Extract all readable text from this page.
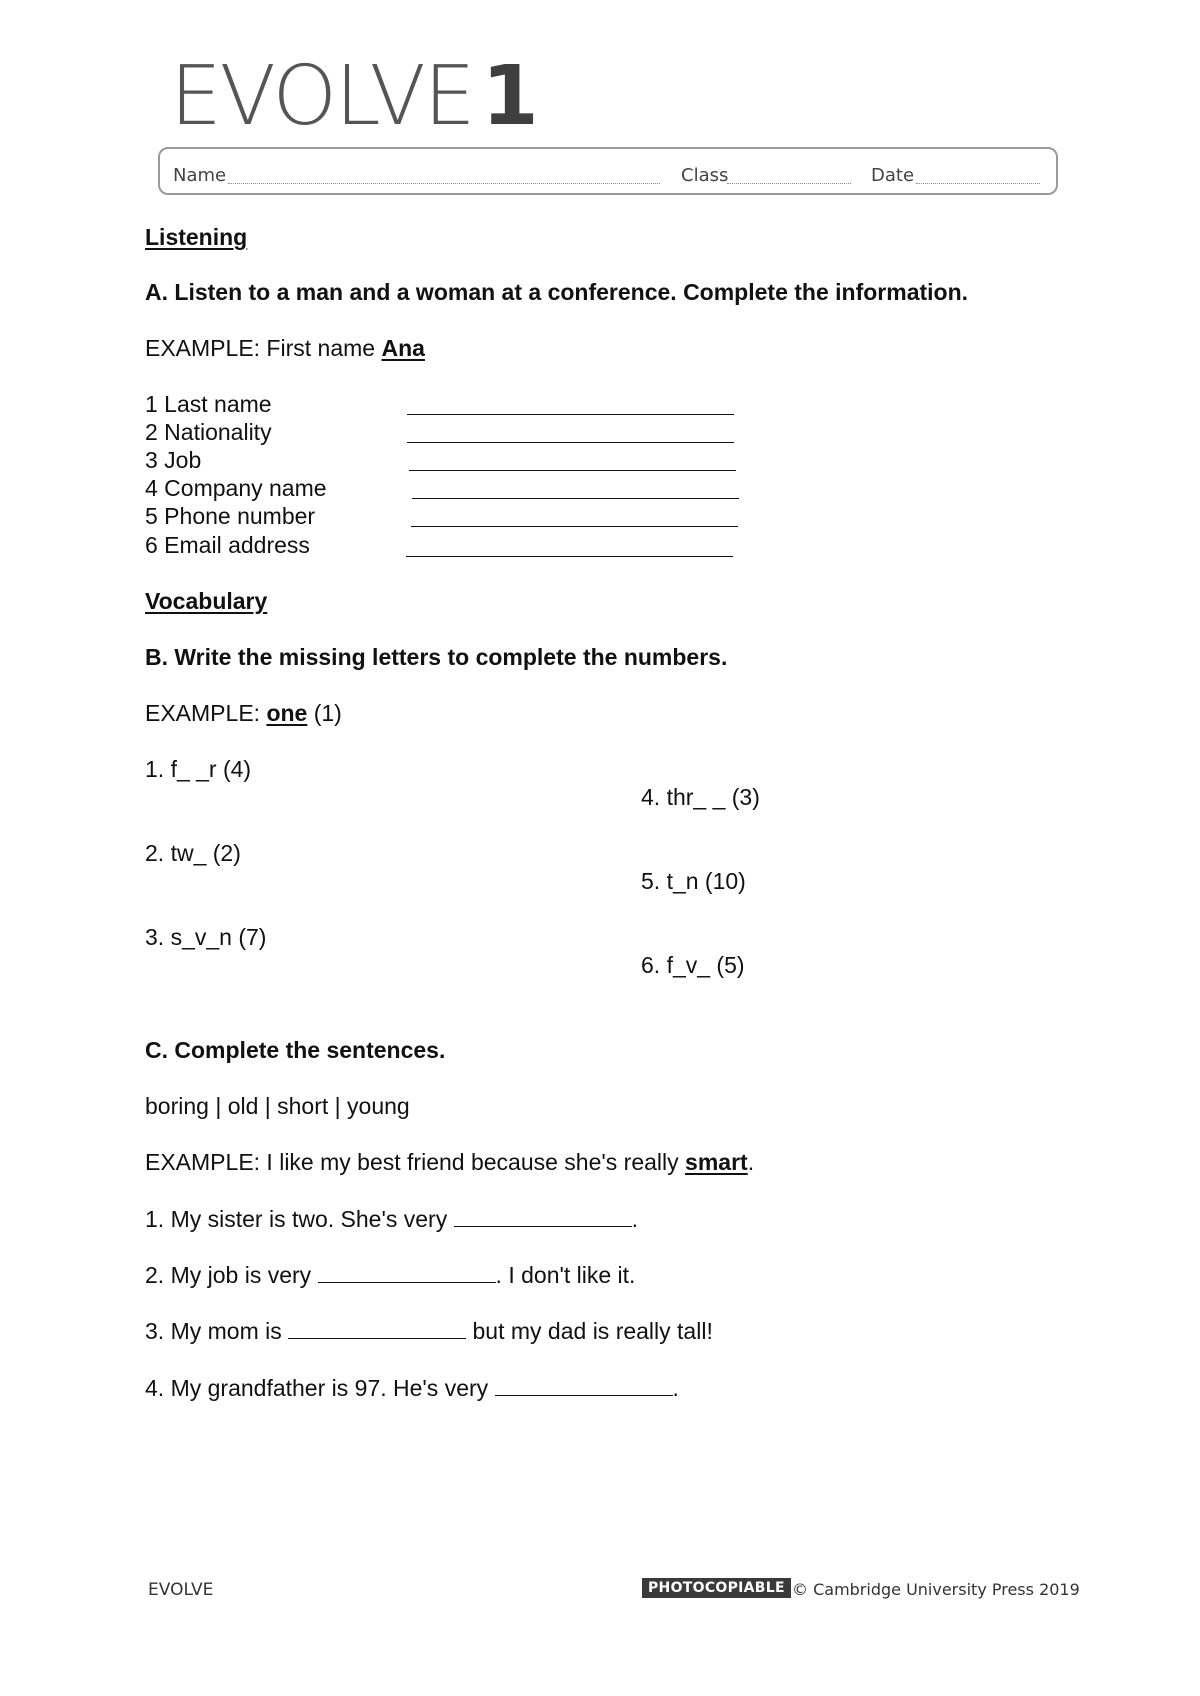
EVOLVE1
Name	Class	Date
Listening
A. Listen to a man and a woman at a conference. Complete the information.
EXAMPLE: First name Ana
1 Last name
2 Nationality
3 Job
4 Company name
5 Phone number
6 Email address
Vocabulary
B. Write the missing letters to complete the numbers.
EXAMPLE: one (1)
1. f_ _r (4)
2. tw_ (2)
3. s_v_n (7)
4. thr_ _ (3)
5. t_n (10)
6. f_v_ (5)
C. Complete the sentences.
boring | old | short | young
EXAMPLE: I like my best friend because she's really smart.
1. My sister is two. She's very	.
2. My job is very	. I don't like it.
3. My mom is	but my dad is really tall!
4. My grandfather is 97. He's very	.
EVOLVE	PHOTOCOPIABLE © Cambridge University Press 2019
